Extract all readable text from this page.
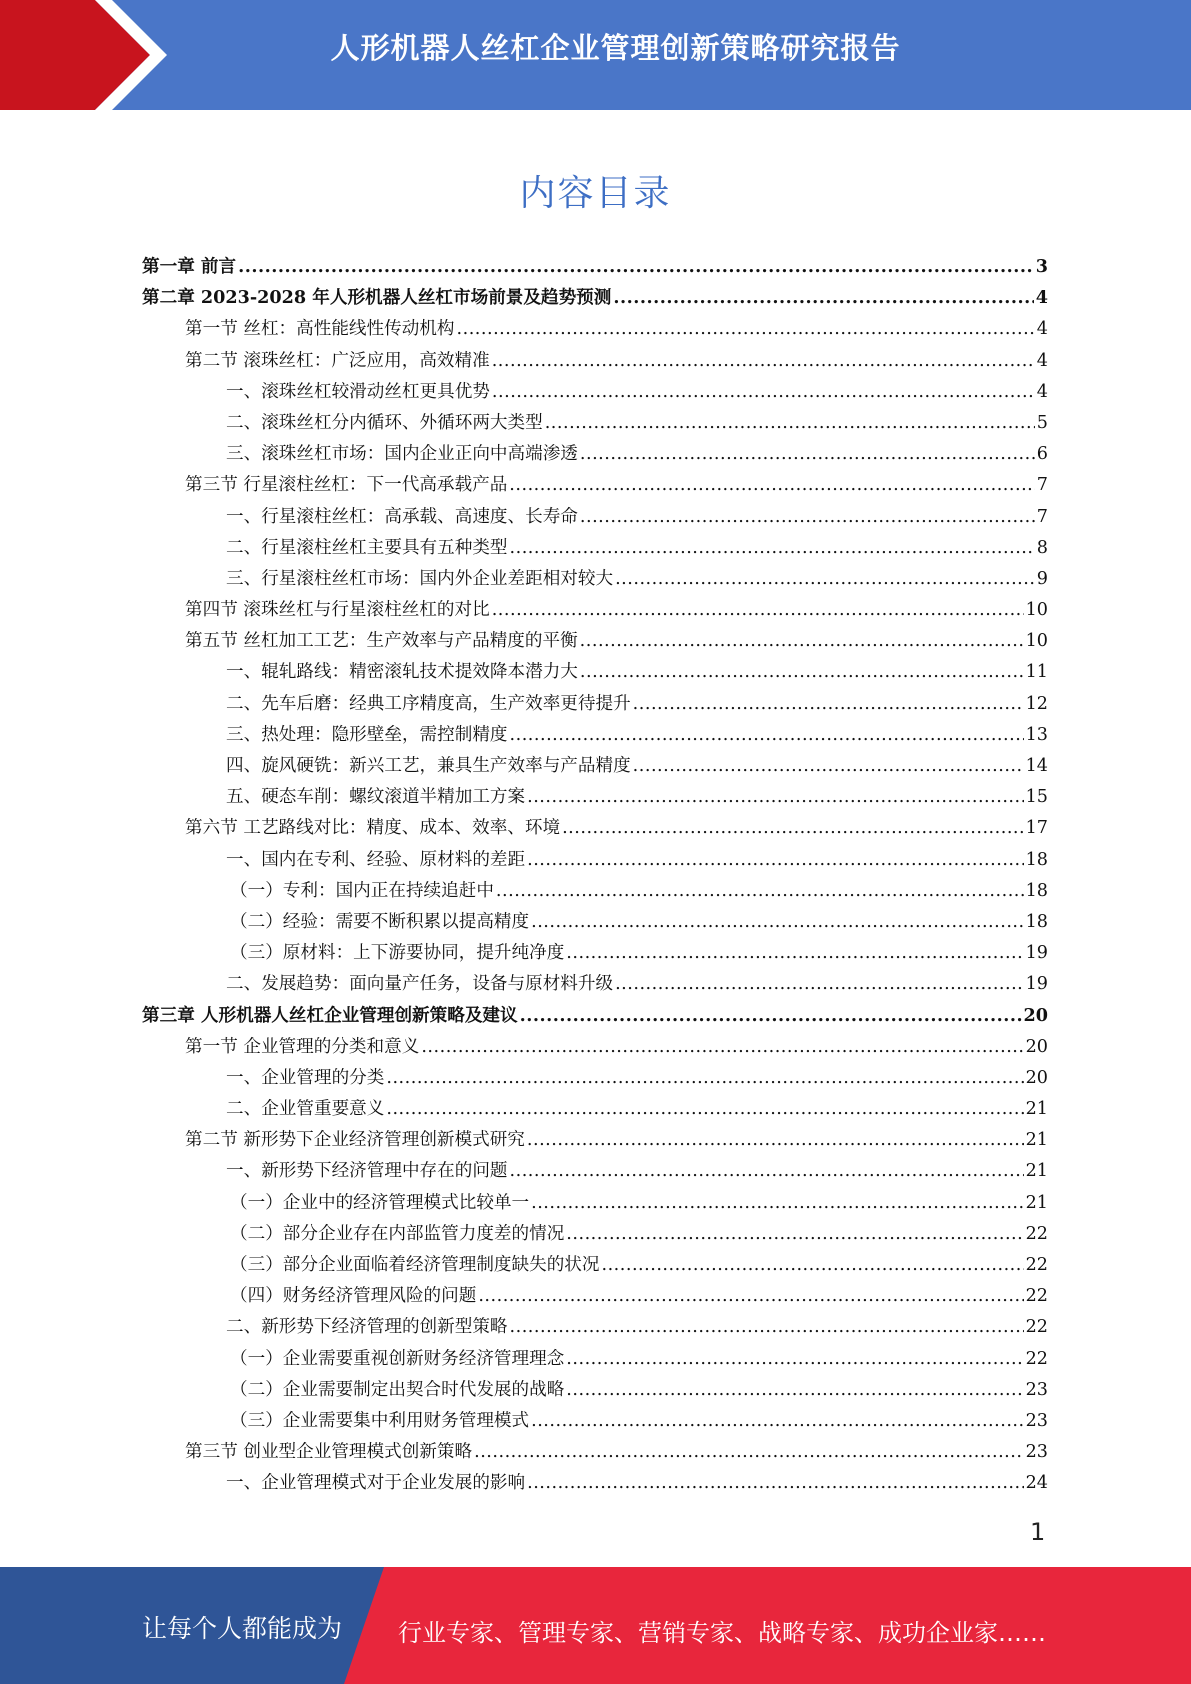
人形机器人丝杠企业管理创新策略研究报告
内容目录
第一章 前言 .....	3
第二章 2023-2028 年人形机器人丝杠市场前景及趋势预测 .....	4
第一节 丝杠：高性能线性传动机构 .....	4
第二节 滚珠丝杠：广泛应用，高效精准 .....	4
一、滚珠丝杠较滑动丝杠更具优势 .....	4
二、滚珠丝杠分内循环、外循环两大类型 .....	5
三、滚珠丝杠市场：国内企业正向中高端渗透 .....	6
第三节 行星滚柱丝杠：下一代高承载产品 .....	7
一、行星滚柱丝杠：高承载、高速度、长寿命 .....	7
二、行星滚柱丝杠主要具有五种类型 .....	8
三、行星滚柱丝杠市场：国内外企业差距相对较大 .....	9
第四节 滚珠丝杠与行星滚柱丝杠的对比 .....	10
第五节 丝杠加工工艺：生产效率与产品精度的平衡 .....	10
一、辊轧路线：精密滚轧技术提效降本潜力大 .....	11
二、先车后磨：经典工序精度高，生产效率更待提升 .....	12
三、热处理：隐形壁垒，需控制精度 .....	13
四、旋风硬铣：新兴工艺，兼具生产效率与产品精度 .....	14
五、硬态车削：螺纹滚道半精加工方案 .....	15
第六节 工艺路线对比：精度、成本、效率、环境 .....	17
一、国内在专利、经验、原材料的差距 .....	18
（一）专利：国内正在持续追赶中 .....	18
（二）经验：需要不断积累以提高精度 .....	18
（三）原材料：上下游要协同，提升纯净度 .....	19
二、发展趋势：面向量产任务，设备与原材料升级 .....	19
第三章 人形机器人丝杠企业管理创新策略及建议 .....	20
第一节 企业管理的分类和意义 .....	20
一、企业管理的分类 .....	20
二、企业管重要意义 .....	21
第二节 新形势下企业经济管理创新模式研究 .....	21
一、新形势下经济管理中存在的问题 .....	21
（一）企业中的经济管理模式比较单一 .....	21
（二）部分企业存在内部监管力度差的情况 .....	22
（三）部分企业面临着经济管理制度缺失的状况 .....	22
（四）财务经济管理风险的问题 .....	22
二、新形势下经济管理的创新型策略 .....	22
（一）企业需要重视创新财务经济管理理念 .....	22
（二）企业需要制定出契合时代发展的战略 .....	23
（三）企业需要集中利用财务管理模式 .....	23
第三节 创业型企业管理模式创新策略 .....	23
一、企业管理模式对于企业发展的影响 .....	24
1
让每个人都能成为 行业专家、管理专家、营销专家、战略专家、成功企业家……
